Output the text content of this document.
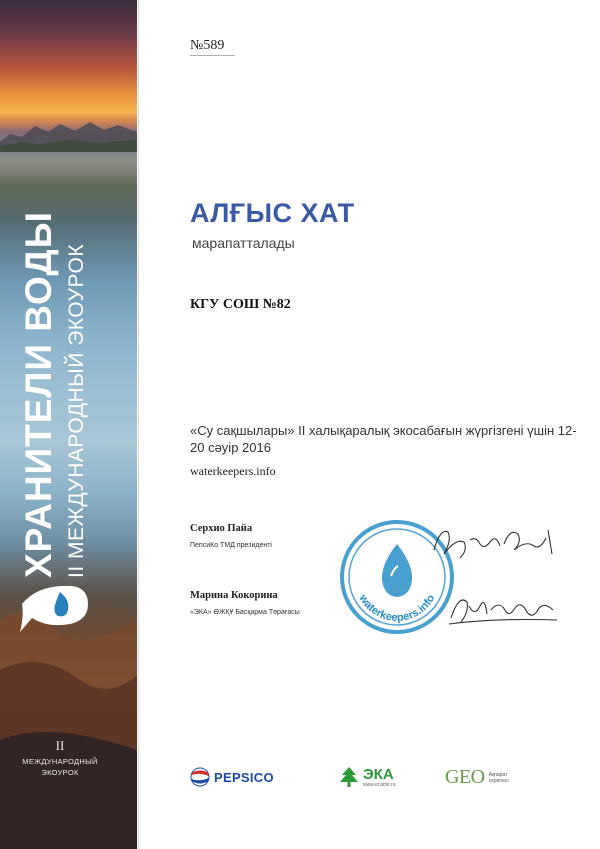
ХРАНИТЕЛИ ВОДЫ II МЕЖДУНАРОДНЫЙ ЭКОУРОК
II
МЕЖДУНАРОДНЫЙ
ЭКОУРОК
№589
АЛҒЫС ХАТ
марапатталады
КГУ СОШ №82
«Су сақшылары» II халықаралық экосабағын жүргізгені үшін 12-20 сәуір 2016
waterkeepers.info
Серхио Пайа
ПепсиКо ТМД президенті
Марина Кокорина
«ЭКА» ӨЖҚҰ Басқарма Төрағасы
waterkeepers.info
PEPSICO	ЭКА
www.ecamir.ru GEO Ақпарат
серіктесі
